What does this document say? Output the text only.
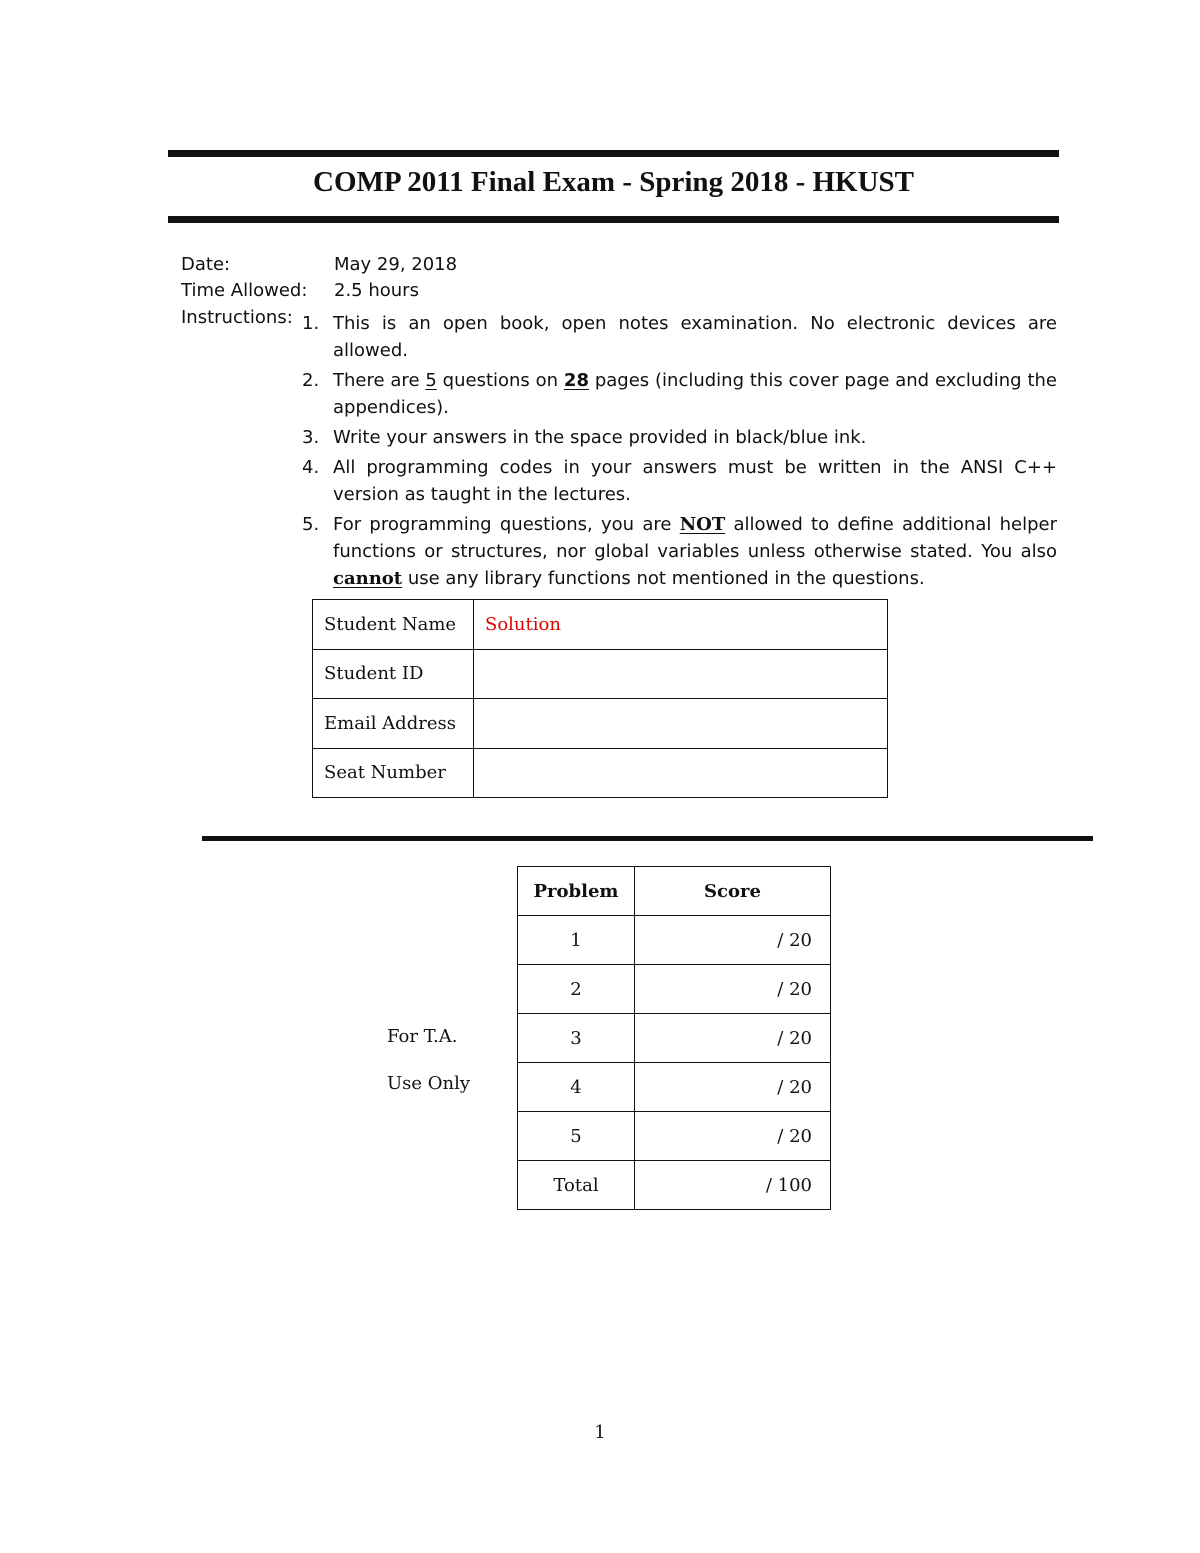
COMP 2011 Final Exam - Spring 2018 - HKUST
Date:	May 29, 2018
Time Allowed: 2.5 hours
Instructions: 1. This is an open book, open notes examination. No electronic devices are allowed.
2. There are 5 questions on 28 pages (including this cover page and excluding the appendices).
3. Write your answers in the space provided in black/blue ink.
4. All programming codes in your answers must be written in the ANSI C++ version as taught in the lectures.
5. For programming questions, you are NOT allowed to define additional helper functions or structures, nor global variables unless otherwise stated. You also cannot use any library functions not mentioned in the questions.
Student Name	Solution
Student ID	
Email Address	
Seat Number	
For T.A.
Use Only
Problem	Score
1	/ 20
2	/ 20
3	/ 20
4	/ 20
5	/ 20
Total	/ 100
1
